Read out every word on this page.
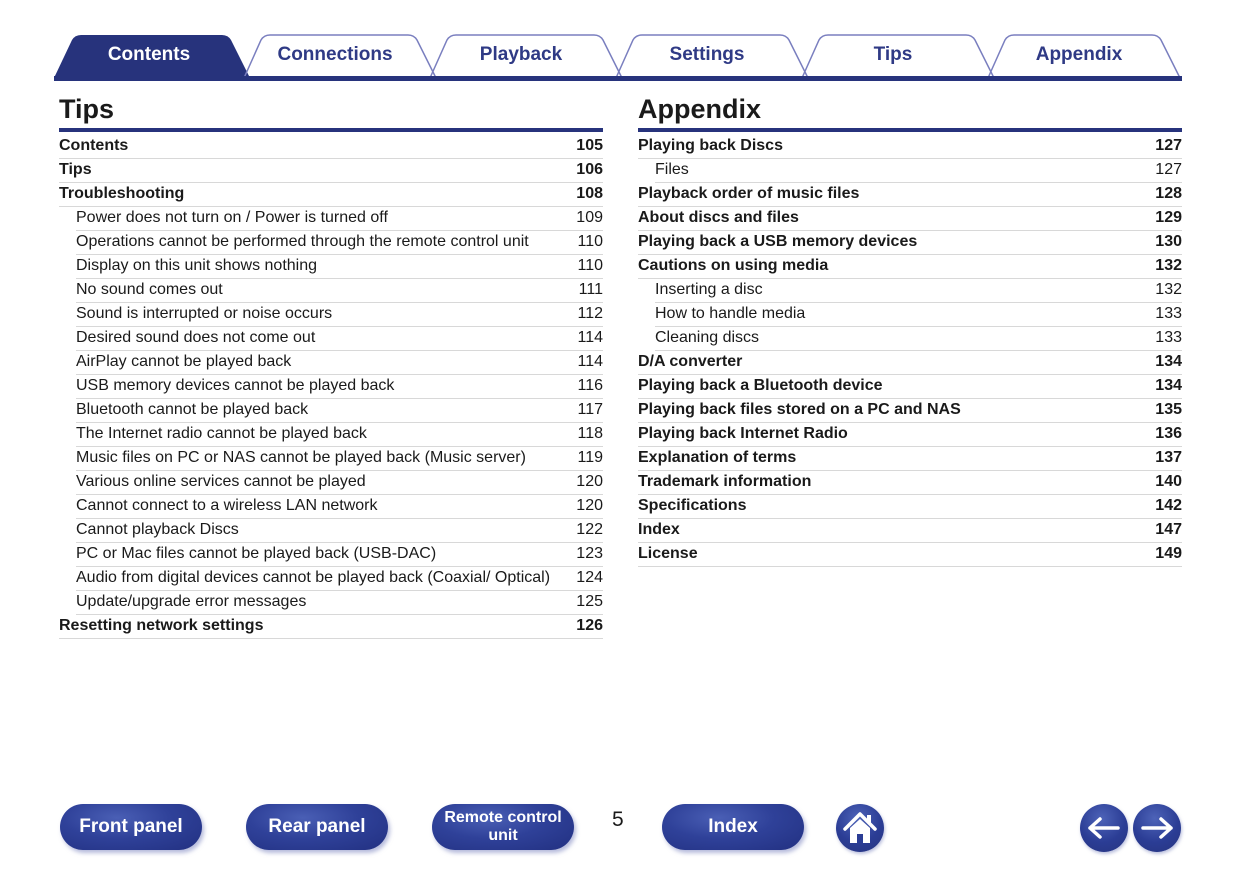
Contents	Connections	Playback	Settings	Tips	Appendix
Tips
Contents	105
Tips	106
Troubleshooting	108
Power does not turn on / Power is turned off	109
Operations cannot be performed through the remote control unit	110
Display on this unit shows nothing	110
No sound comes out	111
Sound is interrupted or noise occurs	112
Desired sound does not come out	114
AirPlay cannot be played back	114
USB memory devices cannot be played back	116
Bluetooth cannot be played back	117
The Internet radio cannot be played back	118
Music files on PC or NAS cannot be played back (Music server)	119
Various online services cannot be played	120
Cannot connect to a wireless LAN network	120
Cannot playback Discs	122
PC or Mac files cannot be played back (USB-DAC)	123
Audio from digital devices cannot be played back (Coaxial/ Optical)	124
Update/upgrade error messages	125
Resetting network settings	126
Appendix
Playing back Discs	127
Files	127
Playback order of music files	128
About discs and files	129
Playing back a USB memory devices	130
Cautions on using media	132
Inserting a disc	132
How to handle media	133
Cleaning discs	133
D/A converter	134
Playing back a Bluetooth device	134
Playing back files stored on a PC and NAS	135
Playing back Internet Radio	136
Explanation of terms	137
Trademark information	140
Specifications	142
Index	147
License	149
Front panel	Rear panel	Remote control
unit
5	Index
